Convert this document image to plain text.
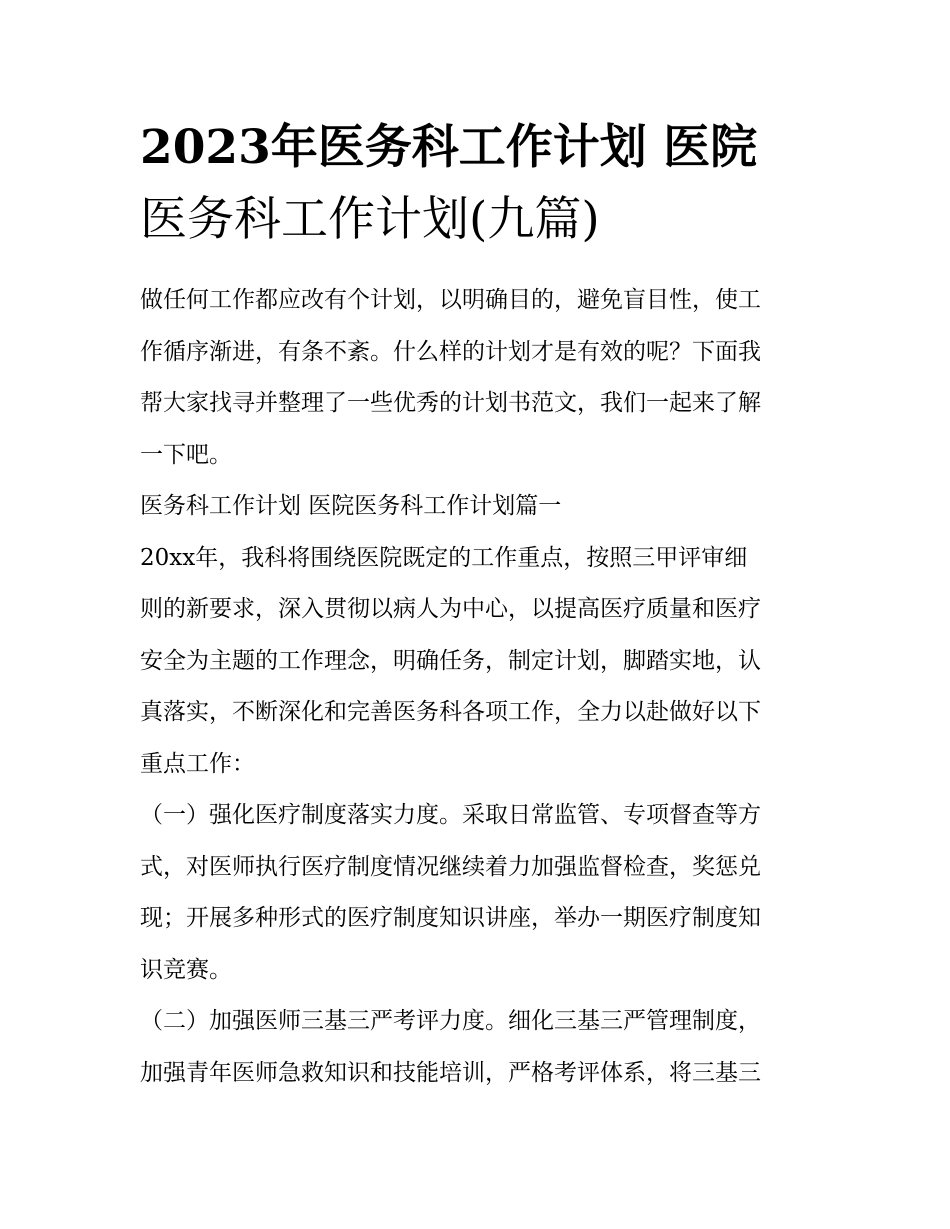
2023年医务科工作计划 医院
医务科工作计划(九篇)
做任何工作都应改有个计划，以明确目的，避免盲目性，使工
作循序渐进，有条不紊。什么样的计划才是有效的呢？下面我
帮大家找寻并整理了一些优秀的计划书范文，我们一起来了解
一下吧。
医务科工作计划 医院医务科工作计划篇一
20xx年，我科将围绕医院既定的工作重点，按照三甲评审细
则的新要求，深入贯彻以病人为中心，以提高医疗质量和医疗
安全为主题的工作理念，明确任务，制定计划，脚踏实地，认
真落实，不断深化和完善医务科各项工作，全力以赴做好以下
重点工作：
（一）强化医疗制度落实力度。采取日常监管、专项督查等方
式，对医师执行医疗制度情况继续着力加强监督检查，奖惩兑
现；开展多种形式的医疗制度知识讲座，举办一期医疗制度知
识竞赛。
（二）加强医师三基三严考评力度。细化三基三严管理制度，
加强青年医师急救知识和技能培训，严格考评体系，将三基三
